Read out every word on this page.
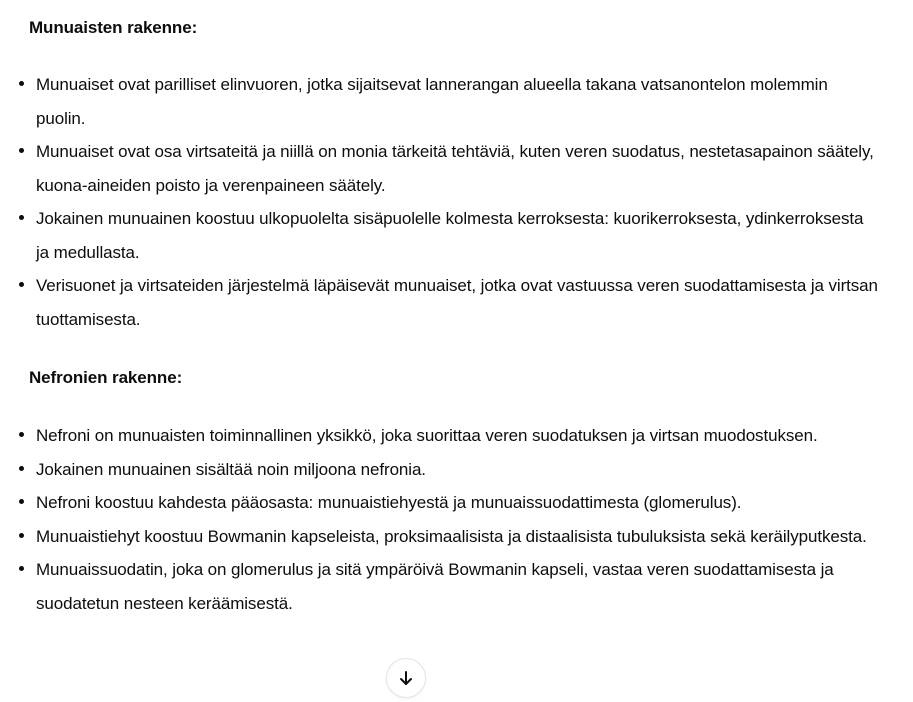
Munuaisten rakenne:
Munuaiset ovat parilliset elinvuoren, jotka sijaitsevat lannerangan alueella takana vatsanontelon molemmin puolin.
Munuaiset ovat osa virtsateitä ja niillä on monia tärkeitä tehtäviä, kuten veren suodatus, nestetasapainon säätely, kuona-aineiden poisto ja verenpaineen säätely.
Jokainen munuainen koostuu ulkopuolelta sisäpuolelle kolmesta kerroksesta: kuorikerroksesta, ydinkerroksesta ja medullasta.
Verisuonet ja virtsateiden järjestelmä läpäisevät munuaiset, jotka ovat vastuussa veren suodattamisesta ja virtsan tuottamisesta.
Nefronien rakenne:
Nefroni on munuaisten toiminnallinen yksikkö, joka suorittaa veren suodatuksen ja virtsan muodostuksen.
Jokainen munuainen sisältää noin miljoona nefronia.
Nefroni koostuu kahdesta pääosasta: munuaistiehyestä ja munuaissuodattimesta (glomerulus).
Munuaistiehyt koostuu Bowmanin kapseleista, proksimaalisista ja distaalisista tubuluksista sekä keräilyputkesta.
Munuaissuodatin, joka on glomerulus ja sitä ympäröivä Bowmanin kapseli, vastaa veren suodattamisesta ja suodatetun nesteen keräämisestä.
